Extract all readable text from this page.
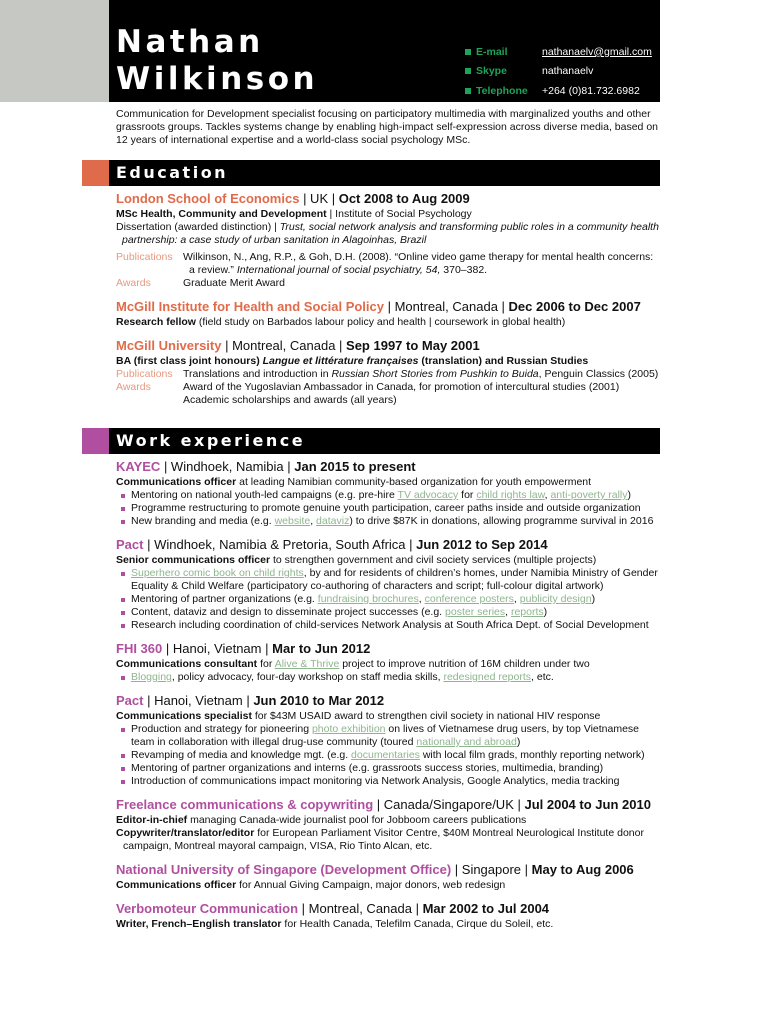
Nathan
Wilkinson
E-mail	nathanaelv@gmail.com
Skype	nathanaelv
Telephone	+264 (0)81.732.6982
Communication for Development specialist focusing on participatory multimedia with marginalized youths and other grassroots groups. Tackles systems change by enabling high-impact self-expression across diverse media, based on 12 years of international expertise and a world-class social psychology MSc.
Education
London School of Economics | UK | Oct 2008 to Aug 2009
MSc Health, Community and Development | Institute of Social Psychology
Dissertation (awarded distinction) | Trust, social network analysis and transforming public roles in a community health partnership: a case study of urban sanitation in Alagoinhas, Brazil
Publications Wilkinson, N., Ang, R.P., & Goh, D.H. (2008). “Online video game therapy for mental health concerns: a review.” International journal of social psychiatry, 54, 370–382.
Awards	Graduate Merit Award
McGill Institute for Health and Social Policy | Montreal, Canada | Dec 2006 to Dec 2007
Research fellow (field study on Barbados labour policy and health | coursework in global health)
McGill University | Montreal, Canada | Sep 1997 to May 2001
BA (first class joint honours) Langue et littérature françaises (translation) and Russian Studies
Publications Translations and introduction in Russian Short Stories from Pushkin to Buida, Penguin Classics (2005)
Awards	Award of the Yugoslavian Ambassador in Canada, for promotion of intercultural studies (2001)
Academic scholarships and awards (all years)
Work experience
KAYEC | Windhoek, Namibia | Jan 2015 to present
Communications officer at leading Namibian community-based organization for youth empowerment
Mentoring on national youth-led campaigns (e.g. pre-hire TV advocacy for child rights law, anti-poverty rally)
Programme restructuring to promote genuine youth participation, career paths inside and outside organization
New branding and media (e.g. website, dataviz) to drive $87K in donations, allowing programme survival in 2016
Pact | Windhoek, Namibia & Pretoria, South Africa | Jun 2012 to Sep 2014
Senior communications officer to strengthen government and civil society services (multiple projects)
Superhero comic book on child rights, by and for residents of children’s homes, under Namibia Ministry of Gender Equality & Child Welfare (participatory co-authoring of characters and script; full-colour digital artwork)
Mentoring of partner organizations (e.g. fundraising brochures, conference posters, publicity design)
Content, dataviz and design to disseminate project successes (e.g. poster series, reports)
Research including coordination of child-services Network Analysis at South Africa Dept. of Social Development
FHI 360 | Hanoi, Vietnam | Mar to Jun 2012
Communications consultant for Alive & Thrive project to improve nutrition of 16M children under two
Blogging, policy advocacy, four-day workshop on staff media skills, redesigned reports, etc.
Pact | Hanoi, Vietnam | Jun 2010 to Mar 2012
Communications specialist for $43M USAID award to strengthen civil society in national HIV response
Production and strategy for pioneering photo exhibition on lives of Vietnamese drug users, by top Vietnamese team in collaboration with illegal drug-use community (toured nationally and abroad)
Revamping of media and knowledge mgt. (e.g. documentaries with local film grads, monthly reporting network)
Mentoring of partner organizations and interns (e.g. grassroots success stories, multimedia, branding)
Introduction of communications impact monitoring via Network Analysis, Google Analytics, media tracking
Freelance communications & copywriting | Canada/Singapore/UK | Jul 2004 to Jun 2010
Editor-in-chief managing Canada-wide journalist pool for Jobboom careers publications
Copywriter/translator/editor for European Parliament Visitor Centre, $40M Montreal Neurological Institute donor campaign, Montreal mayoral campaign, VISA, Rio Tinto Alcan, etc.
National University of Singapore (Development Office) | Singapore | May to Aug 2006
Communications officer for Annual Giving Campaign, major donors, web redesign
Verbomoteur Communication | Montreal, Canada | Mar 2002 to Jul 2004
Writer, French–English translator for Health Canada, Telefilm Canada, Cirque du Soleil, etc.
